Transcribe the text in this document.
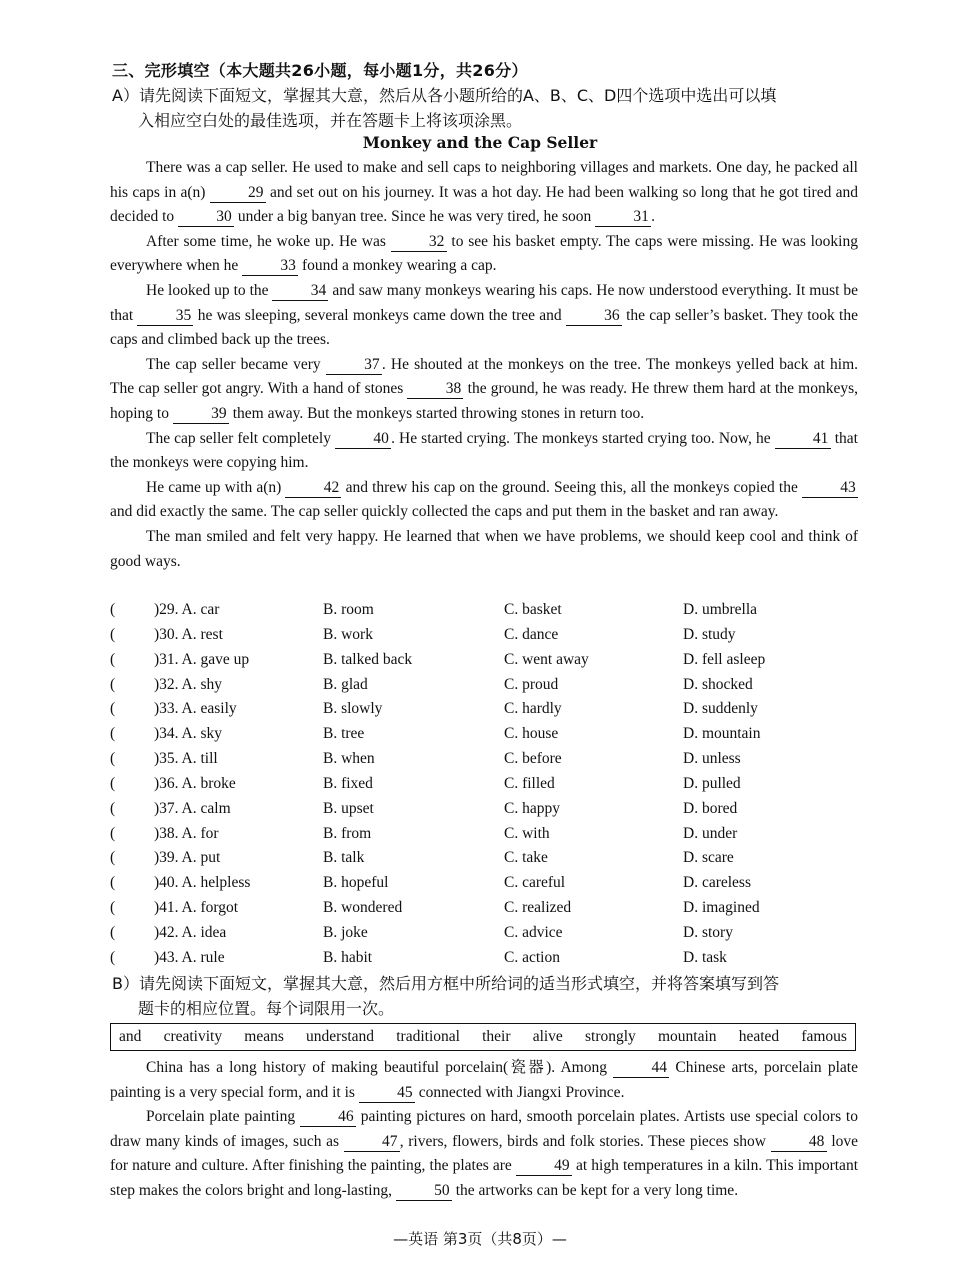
三、完形填空（本大题共26小题，每小题1分，共26分）
A）请先阅读下面短文，掌握其大意，然后从各小题所给的A、B、C、D四个选项中选出可以填
入相应空白处的最佳选项，并在答题卡上将该项涂黑。
Monkey and the Cap Seller

There was a cap seller. He used to make and sell caps to neighboring villages and markets. One day, he packed all his caps in a(n) 29 and set out on his journey. It was a hot day. He had been walking so long that he got tired and decided to 30 under a big banyan tree. Since he was very tired, he soon 31 .

After some time, he woke up. He was 32 to see his basket empty. The caps were missing. He was looking everywhere when he 33 found a monkey wearing a cap.

He looked up to the 34 and saw many monkeys wearing his caps. He now understood everything. It must be that 35 he was sleeping, several monkeys came down the tree and 36 the cap seller’s basket. They took the caps and climbed back up the trees.

The cap seller became very 37 . He shouted at the monkeys on the tree. The monkeys yelled back at him. The cap seller got angry. With a hand of stones 38 the ground, he was ready. He threw them hard at the monkeys, hoping to 39 them away. But the monkeys started throwing stones in return too.

The cap seller felt completely 40 . He started crying. The monkeys started crying too. Now, he 41 that the monkeys were copying him.

He came up with a(n) 42 and threw his cap on the ground. Seeing this, all the monkeys copied the 43 and did exactly the same. The cap seller quickly collected the caps and put them in the basket and ran away.

The man smiled and felt very happy. He learned that when we have problems, we should keep cool and think of good ways.

(	)29. A. car	B. room	C. basket	D. umbrella
(	)30. A. rest	B. work	C. dance	D. study
(	)31. A. gave up	B. talked back	C. went away	D. fell asleep
(	)32. A. shy	B. glad	C. proud	D. shocked
(	)33. A. easily	B. slowly	C. hardly	D. suddenly
(	)34. A. sky	B. tree	C. house	D. mountain
(	)35. A. till	B. when	C. before	D. unless
(	)36. A. broke	B. fixed	C. filled	D. pulled
(	)37. A. calm	B. upset	C. happy	D. bored
(	)38. A. for	B. from	C. with	D. under
(	)39. A. put	B. talk	C. take	D. scare
(	)40. A. helpless	B. hopeful	C. careful	D. careless
(	)41. A. forgot	B. wondered	C. realized	D. imagined
(	)42. A. idea	B. joke	C. advice	D. story
(	)43. A. rule	B. habit	C. action	D. task
B）请先阅读下面短文，掌握其大意，然后用方框中所给词的适当形式填空，并将答案填写到答
题卡的相应位置。每个词限用一次。
and creativity means understand traditional their alive strongly mountain heated famous

China has a long history of making beautiful porcelain(瓷器). Among 44 Chinese arts, porcelain plate painting is a very special form, and it is 45 connected with Jiangxi Province.

Porcelain plate painting 46 painting pictures on hard, smooth porcelain plates. Artists use special colors to draw many kinds of images, such as 47 , rivers, flowers, birds and folk stories. These pieces show 48 love for nature and culture. After finishing the painting, the plates are 49 at high temperatures in a kiln. This important step makes the colors bright and long-lasting, 50 the artworks can be kept for a very long time.

—英语 第3页（共8页）—
